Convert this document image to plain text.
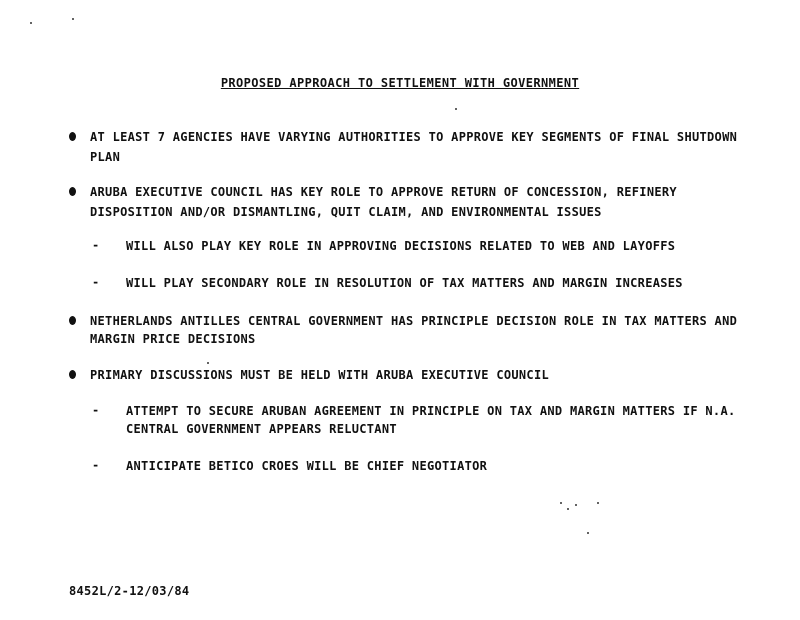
PROPOSED APPROACH TO SETTLEMENT WITH GOVERNMENT
AT LEAST 7 AGENCIES HAVE VARYING AUTHORITIES TO APPROVE KEY SEGMENTS OF FINAL SHUTDOWN
PLAN
ARUBA EXECUTIVE COUNCIL HAS KEY ROLE TO APPROVE RETURN OF CONCESSION, REFINERY
DISPOSITION AND/OR DISMANTLING, QUIT CLAIM, AND ENVIRONMENTAL ISSUES
- WILL ALSO PLAY KEY ROLE IN APPROVING DECISIONS RELATED TO WEB AND LAYOFFS
- WILL PLAY SECONDARY ROLE IN RESOLUTION OF TAX MATTERS AND MARGIN INCREASES
NETHERLANDS ANTILLES CENTRAL GOVERNMENT HAS PRINCIPLE DECISION ROLE IN TAX MATTERS AND
MARGIN PRICE DECISIONS
PRIMARY DISCUSSIONS MUST BE HELD WITH ARUBA EXECUTIVE COUNCIL
- ATTEMPT TO SECURE ARUBAN AGREEMENT IN PRINCIPLE ON TAX AND MARGIN MATTERS IF N.A.
CENTRAL GOVERNMENT APPEARS RELUCTANT
- ANTICIPATE BETICO CROES WILL BE CHIEF NEGOTIATOR
8452L/2-12/03/84
